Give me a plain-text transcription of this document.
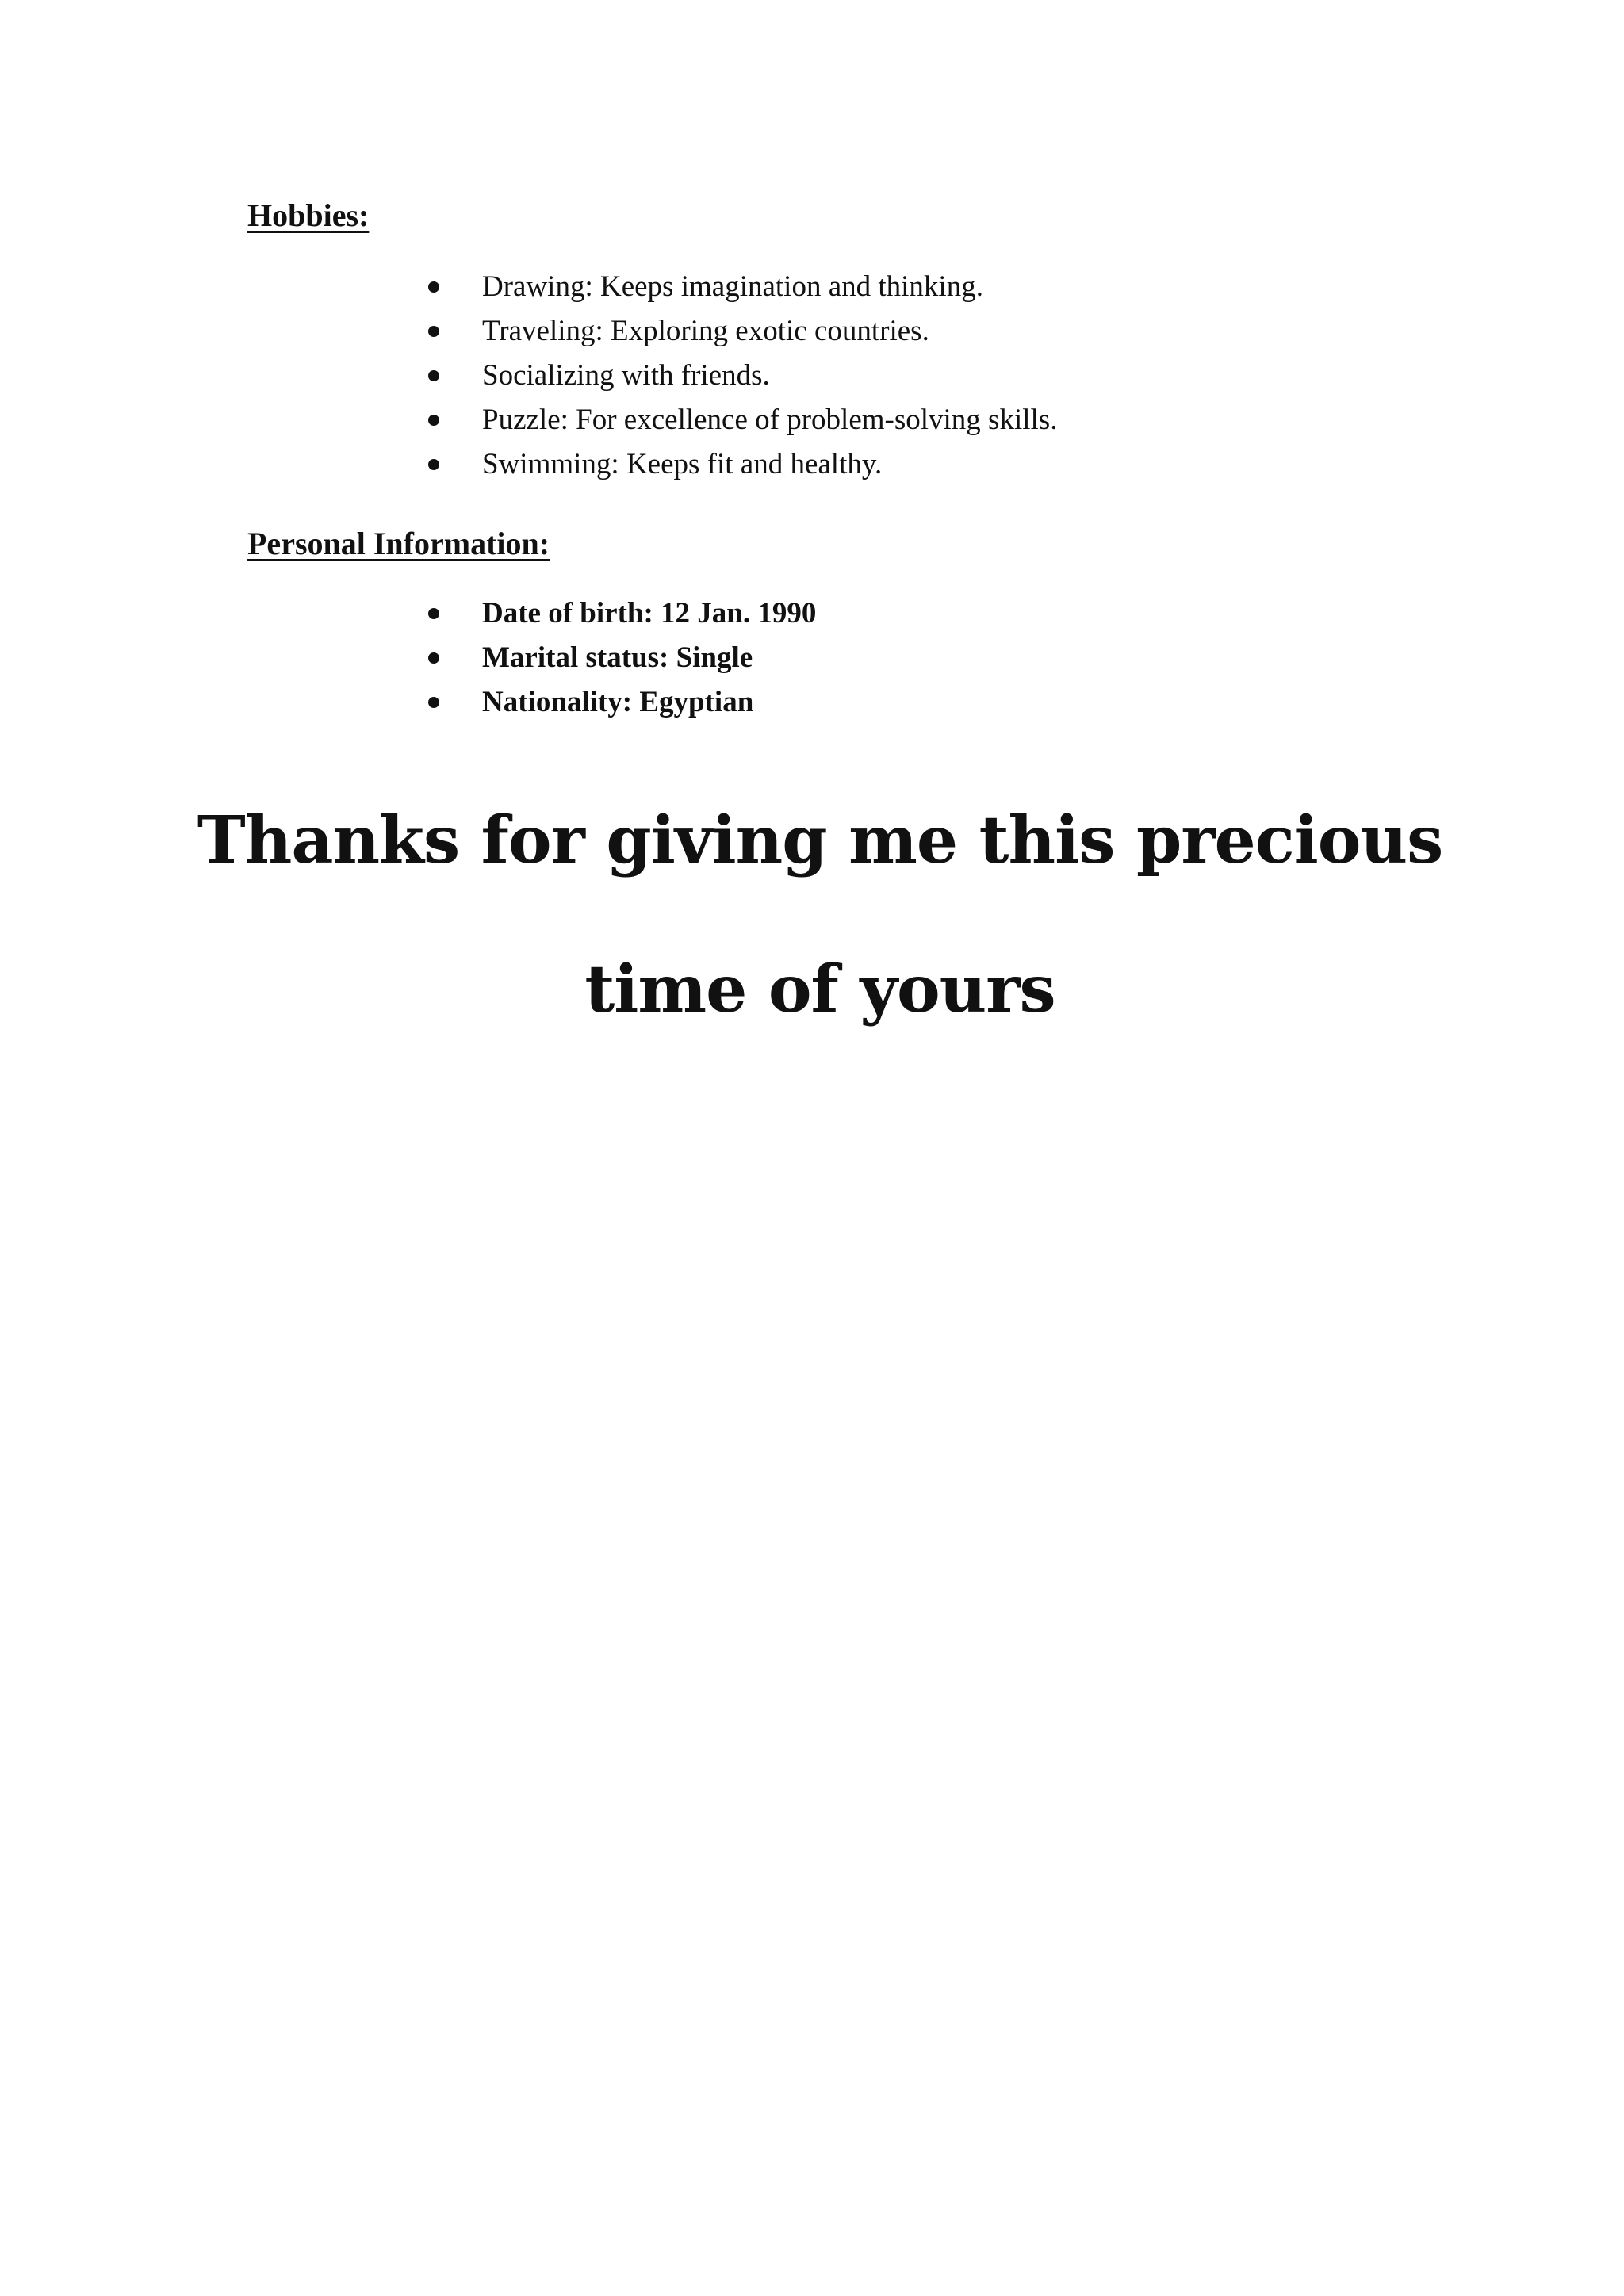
Hobbies:
Drawing: Keeps imagination and thinking.
Traveling: Exploring exotic countries.
Socializing with friends.
Puzzle: For excellence of problem-solving skills.
Swimming: Keeps fit and healthy.
Personal Information:
Date of birth: 12 Jan. 1990
Marital status: Single
Nationality: Egyptian

Thanks for giving me this precious

time of yours
